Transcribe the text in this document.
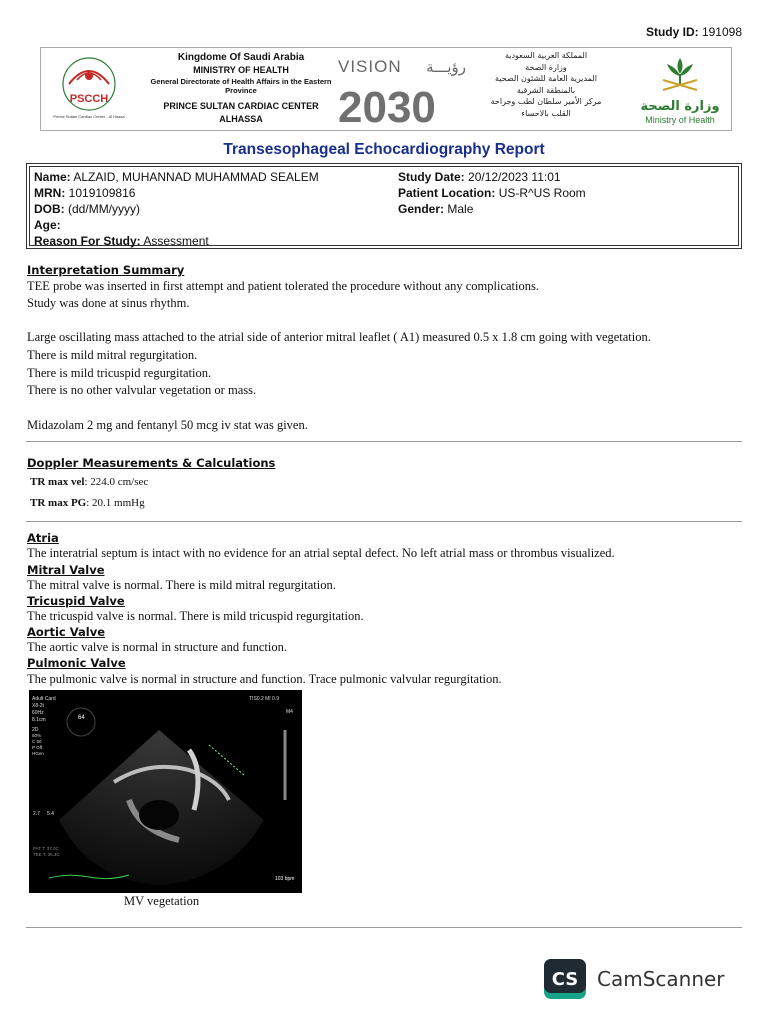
Study ID: 191098
PSCCH
Prince Sultan Cardiac Center - Al Hassa
Kingdome Of Saudi Arabia
MINISTRY OF HEALTH
General Directorate of Health Affairs in the Eastern Province
PRINCE SULTAN CARDIAC CENTER
ALHASSA
VISION رؤيـــة
2030
المملكة العربية السعودية
وزارة الصحة
المديرية العامة للشئون الصحية بالمنطقة الشرقية
مركز الأمير سلطان لطب وجراحة القلب بالاحساء	وزارة الصحة
Ministry of Health
Transesophageal Echocardiography Report
Name: ALZAID, MUHANNAD MUHAMMAD SEALEM
MRN: 1019109816
DOB: (dd/MM/yyyy)
Age:
Reason For Study: Assessment
Study Date: 20/12/2023 11:01
Patient Location: US-R^US Room
Gender: Male
Interpretation Summary
TEE probe was inserted in first attempt and patient tolerated the procedure without any complications.
Study was done at sinus rhythm.
Large oscillating mass attached to the atrial side of anterior mitral leaflet ( A1) measured 0.5 x 1.8 cm going with vegetation.
There is mild mitral regurgitation.
There is mild tricuspid regurgitation.
There is no other valvular vegetation or mass.
Midazolam 2 mg and fentanyl 50 mcg iv stat was given.
Doppler Measurements & Calculations
TR max vel: 224.0 cm/sec
TR max PG: 20.1 mmHg
Atria
The interatrial septum is intact with no evidence for an atrial septal defect. No left atrial mass or thrombus visualized.
Mitral Valve
The mitral valve is normal. There is mild mitral regurgitation.
Tricuspid Valve
The tricuspid valve is normal. There is mild tricuspid regurgitation.
Aortic Valve
The aortic valve is normal in structure and function.
Pulmonic Valve
The pulmonic valve is normal in structure and function. Trace pulmonic valvular regurgitation.
Adult Card
X8-2t
60Hz
8.1cm
2D
50%
C 50
P Off
HGen
64
TIS0.2 MI 0.9
M4
PAT T: 37.0C
TEE T: 36.3C
2.7 5.4
103 bpm
MV vegetation
CS CamScanner
